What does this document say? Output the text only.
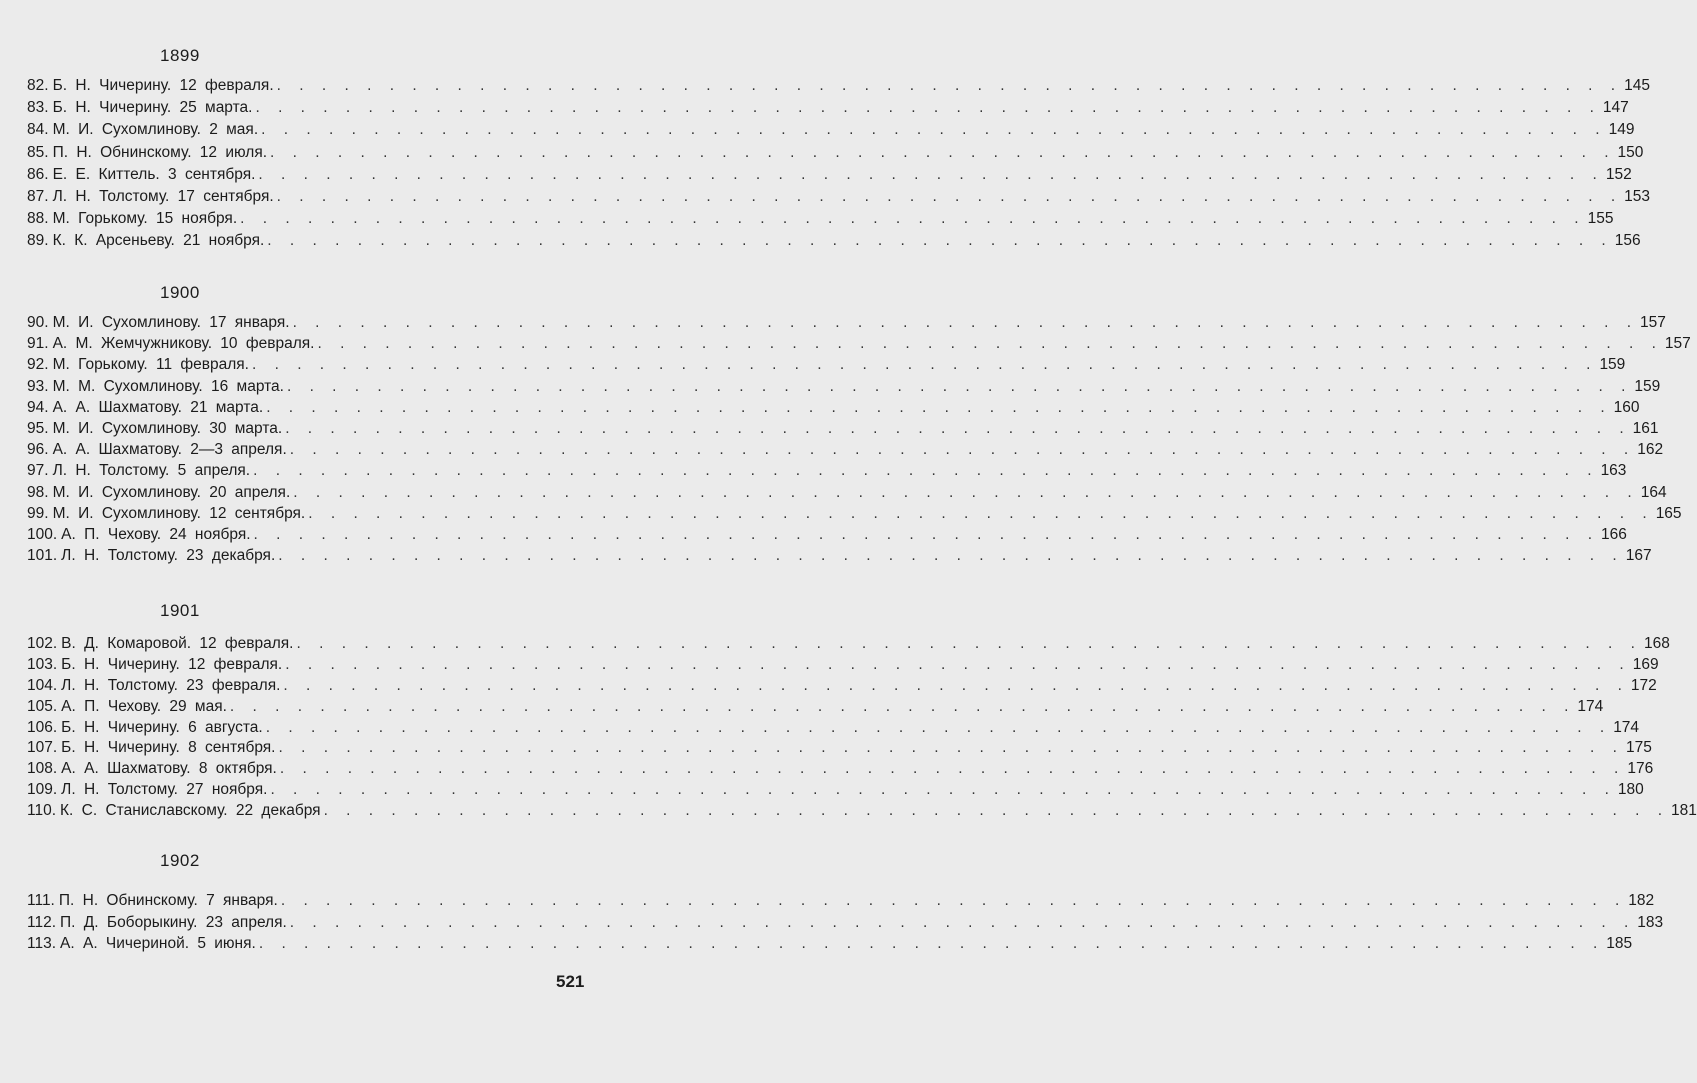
1899
82. Б. Н. Чичерину. 12 февраля. . . . . . . . . . . . . . . . . . . . . . . . . . . . . . . . . . . . . . . . . . . . . . . . . . . . . . . . . . . . . 145
83. Б. Н. Чичерину. 25 марта. . . . . . . . . . . . . . . . . . . . . . . . . . . . . . . . . . . . . . . . . . . . . . . . . . . . . . . . . . . . . 147
84. М. И. Сухомлинову. 2 мая. . . . . . . . . . . . . . . . . . . . . . . . . . . . . . . . . . . . . . . . . . . . . . . . . . . . . . . . . . . . . 149
85. П. Н. Обнинскому. 12 июля. . . . . . . . . . . . . . . . . . . . . . . . . . . . . . . . . . . . . . . . . . . . . . . . . . . . . . . . . . . . . 150
86. Е. Е. Киттель. 3 сентября. . . . . . . . . . . . . . . . . . . . . . . . . . . . . . . . . . . . . . . . . . . . . . . . . . . . . . . . . . . . . 152
87. Л. Н. Толстому. 17 сентября. . . . . . . . . . . . . . . . . . . . . . . . . . . . . . . . . . . . . . . . . . . . . . . . . . . . . . . . . . . . . 153
88. М. Горькому. 15 ноября. . . . . . . . . . . . . . . . . . . . . . . . . . . . . . . . . . . . . . . . . . . . . . . . . . . . . . . . . . . . . 155
89. К. К. Арсеньеву. 21 ноября. . . . . . . . . . . . . . . . . . . . . . . . . . . . . . . . . . . . . . . . . . . . . . . . . . . . . . . . . . . . . 156
1900
90. М. И. Сухомлинову. 17 января. . . . . . . . . . . . . . . . . . . . . . . . . . . . . . . . . . . . . . . . . . . . . . . . . . . . . . . . . . . . . 157
91. А. М. Жемчужникову. 10 февраля. . . . . . . . . . . . . . . . . . . . . . . . . . . . . . . . . . . . . . . . . . . . . . . . . . . . . . . . . . . . . 157
92. М. Горькому. 11 февраля. . . . . . . . . . . . . . . . . . . . . . . . . . . . . . . . . . . . . . . . . . . . . . . . . . . . . . . . . . . . . 159
93. М. М. Сухомлинову. 16 марта. . . . . . . . . . . . . . . . . . . . . . . . . . . . . . . . . . . . . . . . . . . . . . . . . . . . . . . . . . . . . 159
94. А. А. Шахматову. 21 марта. . . . . . . . . . . . . . . . . . . . . . . . . . . . . . . . . . . . . . . . . . . . . . . . . . . . . . . . . . . . . 160
95. М. И. Сухомлинову. 30 марта. . . . . . . . . . . . . . . . . . . . . . . . . . . . . . . . . . . . . . . . . . . . . . . . . . . . . . . . . . . . . 161
96. А. А. Шахматову. 2—3 апреля. . . . . . . . . . . . . . . . . . . . . . . . . . . . . . . . . . . . . . . . . . . . . . . . . . . . . . . . . . . . . 162
97. Л. Н. Толстому. 5 апреля. . . . . . . . . . . . . . . . . . . . . . . . . . . . . . . . . . . . . . . . . . . . . . . . . . . . . . . . . . . . . 163
98. М. И. Сухомлинову. 20 апреля. . . . . . . . . . . . . . . . . . . . . . . . . . . . . . . . . . . . . . . . . . . . . . . . . . . . . . . . . . . . . 164
99. М. И. Сухомлинову. 12 сентября. . . . . . . . . . . . . . . . . . . . . . . . . . . . . . . . . . . . . . . . . . . . . . . . . . . . . . . . . . . . . 165
100. А. П. Чехову. 24 ноября. . . . . . . . . . . . . . . . . . . . . . . . . . . . . . . . . . . . . . . . . . . . . . . . . . . . . . . . . . . . . 166
101. Л. Н. Толстому. 23 декабря. . . . . . . . . . . . . . . . . . . . . . . . . . . . . . . . . . . . . . . . . . . . . . . . . . . . . . . . . . . . . 167
1901
102. В. Д. Комаровой. 12 февраля. . . . . . . . . . . . . . . . . . . . . . . . . . . . . . . . . . . . . . . . . . . . . . . . . . . . . . . . . . . . . 168
103. Б. Н. Чичерину. 12 февраля. . . . . . . . . . . . . . . . . . . . . . . . . . . . . . . . . . . . . . . . . . . . . . . . . . . . . . . . . . . . . 169
104. Л. Н. Толстому. 23 февраля. . . . . . . . . . . . . . . . . . . . . . . . . . . . . . . . . . . . . . . . . . . . . . . . . . . . . . . . . . . . . 172
105. А. П. Чехову. 29 мая. . . . . . . . . . . . . . . . . . . . . . . . . . . . . . . . . . . . . . . . . . . . . . . . . . . . . . . . . . . . . 174
106. Б. Н. Чичерину. 6 августа. . . . . . . . . . . . . . . . . . . . . . . . . . . . . . . . . . . . . . . . . . . . . . . . . . . . . . . . . . . . . 174
107. Б. Н. Чичерину. 8 сентября. . . . . . . . . . . . . . . . . . . . . . . . . . . . . . . . . . . . . . . . . . . . . . . . . . . . . . . . . . . . . 175
108. А. А. Шахматову. 8 октября. . . . . . . . . . . . . . . . . . . . . . . . . . . . . . . . . . . . . . . . . . . . . . . . . . . . . . . . . . . . . 176
109. Л. Н. Толстому. 27 ноября. . . . . . . . . . . . . . . . . . . . . . . . . . . . . . . . . . . . . . . . . . . . . . . . . . . . . . . . . . . . . 180
110. К. С. Станиславскому. 22 декабря . . . . . . . . . . . . . . . . . . . . . . . . . . . . . . . . . . . . . . . . . . . . . . . . . . . . . . . . . . . . 181
1902
111. П. Н. Обнинскому. 7 января. . . . . . . . . . . . . . . . . . . . . . . . . . . . . . . . . . . . . . . . . . . . . . . . . . . . . . . . . . . . . 182
112. П. Д. Боборыкину. 23 апреля. . . . . . . . . . . . . . . . . . . . . . . . . . . . . . . . . . . . . . . . . . . . . . . . . . . . . . . . . . . . . 183
113. А. А. Чичериной. 5 июня. . . . . . . . . . . . . . . . . . . . . . . . . . . . . . . . . . . . . . . . . . . . . . . . . . . . . . . . . . . . . 185
521
